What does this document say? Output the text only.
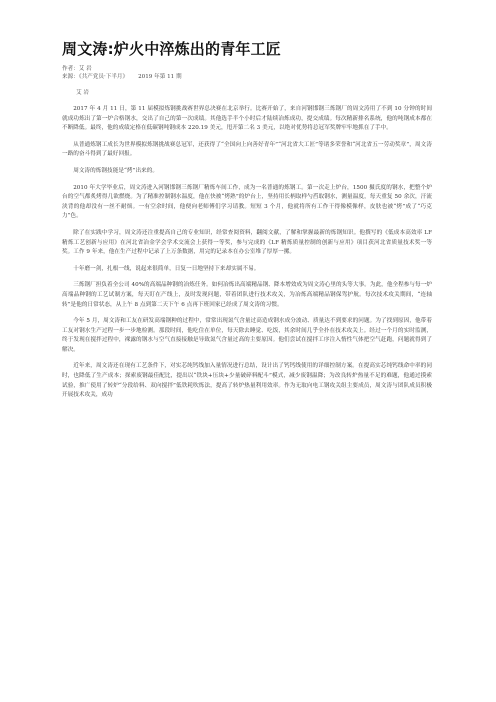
周文涛:炉火中淬炼出的青年工匠
作者：艾 岩
来源：《共产党员·下半月》 2019 年第 11 期
艾 岩

2017 年 4 月 11 日，第 11 届模拟炼钢挑战赛世界总决赛在北京举行。比赛开始了，来自河钢邯钢三炼钢厂的周文涛用了不到 10 分钟的时间就成功炼出了第一炉合格钢水，交出了自己的第一次成绩。其他选手半个小时后才陆续冶炼成功，提交成绩。每次精新排名系统，他的吨钢成本都在不断降低。最终，他的成绩定格在低碳钢吨钢成本 220.19 美元，甩开第二名 3 美元，以绝对优势将总冠军奖牌牢牢地抓在了手中。

从普通炼钢工成长为世界模拟炼钢挑战赛总冠军，还获得了“全国向上向善好青年”“河北省大工匠”等诸多荣誉和“河北省五一劳动奖章”，周文涛一路的奋斗得到了最好回报。

周文涛的炼钢技能是“烤”出来的。

2010 年大学毕业后，周文涛进入河钢邯钢三炼钢厂精炼车间工作，成为一名普通的炼钢工。第一次走上炉台，1500 摄氏度的钢水，把整个炉台的空气都炙烤得几欲燃烧。为了精准控制钢水温度，他在快被“烤熟”的炉台上，坚持用长柄取样勺舀取钢水，测量温度，每天重复 50 余次，汗流浃背的他却没有一丝不耐烦。一有空余时间，他便向老师傅们学习请教。短短 3 个月，他就将所有工作干得像模像样，皮肤也被“烤”成了“巧克力”色。

除了在实践中学习，周文涛还注重提高自己的专业知识，经常查阅资料，翻阅文献，了解和掌握最新的炼钢知识。他撰写的《低成本高效率 LF 精炼工艺创新与应用》在河北省冶金学会学术交流会上获得一等奖，参与完成的《LF 精炼质量控制的创新与应用》项目获河北省质量技术奖一等奖。工作 9 年来，他在生产过程中记录了上万条数据，用完的记录本在办公室堆了厚厚一摞。

十年磨一剑，扎根一线，说起来很简单，日复一日地坚持下来却实属不易。

三炼钢厂担负着全公司 40%的高端品种钢的冶炼任务。如何冶炼出高端精品钢、降本增效成为周文涛心里的头等大事。为此，他全程参与每一炉高端品种钢的工艺试制方案，每天盯在产线上，及时发现问题，带着团队进行技术攻关，为冶炼高端精品钢保驾护航。每次技术攻关期间，“连轴转”是他的日常状态，从上午 8 点到第二天下午 6 点再下班回家已经成了周文涛的习惯。

今年 5 月，周文涛和工友在研发高端钢种的过程中，常常出现氮气含量过高造成钢水成分波动、质量达不到要求的问题。为了找到原因，他带着工友对钢水生产过程一步一步地检测。那段时间，他吃住在单位，每天除去睡觉、吃饭，其余时间几乎全扑在技术攻关上。经过一个月的实时监测，终于发现在搅拌过程中，裸露的钢水与空气直接接触是导致氮气含量过高的主要原因。他们尝试在搅拌工序注入惰性气体把空气赶跑，问题就得到了解决。

近年来，周文涛还在现有工艺条件下，对实芯纯钙线加入量情况进行总结，设计出了钙钙线使用的详细控制方案。在提高实芯纯钙线命中率的同时，也降低了生产成本；探索废钢最佳配比，提出以“铁块+压块+少量破碎料配斗”模式，减少废钢温降；为改良转炉热量不足的难题，他通过摸索试验，推广使用了转炉“分段给料、双向搅拌”低铁耗吹炼法，提高了转炉热量利用效率。作为无取向电工钢攻关组主要成员，周文涛与团队成员积极开展技术攻关，成功
